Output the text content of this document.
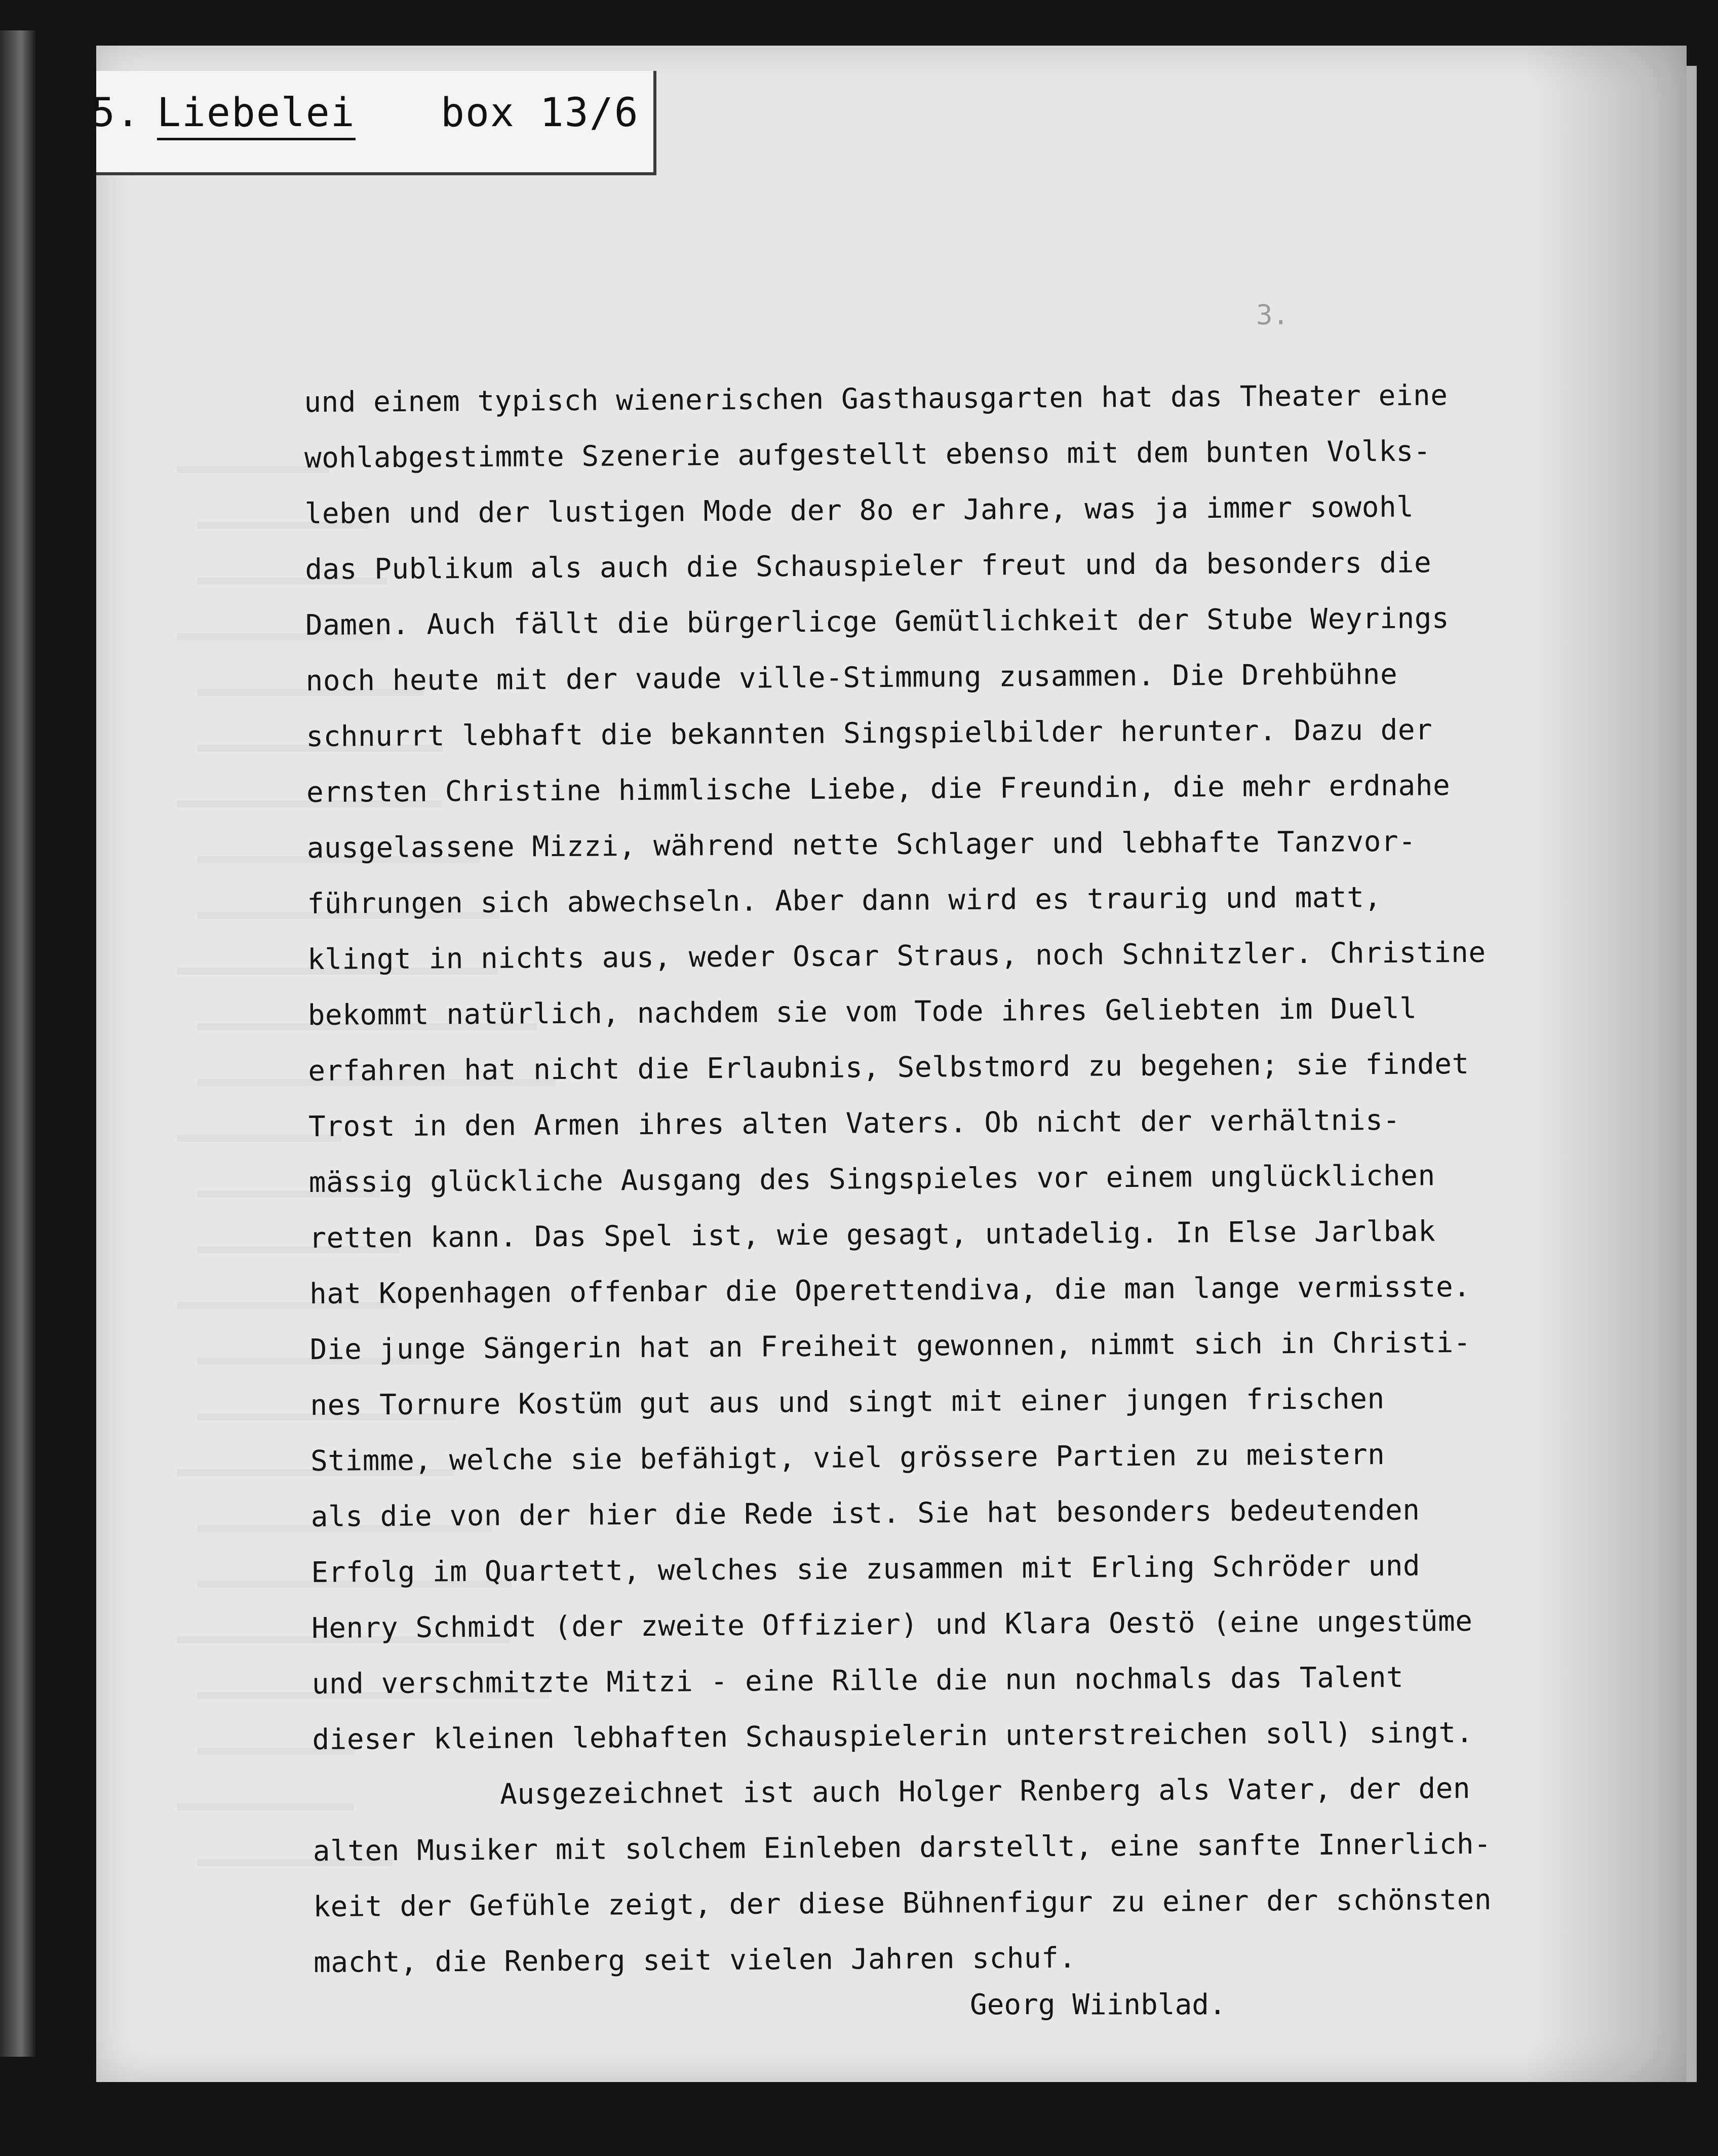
5. Liebelei box 13/6
3.
und einem typisch wienerischen Gasthausgarten hat das Theater eine
wohlabgestimmte Szenerie aufgestellt ebenso mit dem bunten Volks-
leben und der lustigen Mode der 8o er Jahre, was ja immer sowohl
das Publikum als auch die Schauspieler freut und da besonders die
Damen. Auch fällt die bürgerlicge Gemütlichkeit der Stube Weyrings
noch heute mit der vaude ville-Stimmung zusammen. Die Drehbühne
schnurrt lebhaft die bekannten Singspielbilder herunter. Dazu der
ernsten Christine himmlische Liebe, die Freundin, die mehr erdnahe
ausgelassene Mizzi, während nette Schlager und lebhafte Tanzvor-
führungen sich abwechseln. Aber dann wird es traurig und matt,
klingt in nichts aus, weder Oscar Straus, noch Schnitzler. Christine
bekommt natürlich, nachdem sie vom Tode ihres Geliebten im Duell
erfahren hat nicht die Erlaubnis, Selbstmord zu begehen; sie findet
Trost in den Armen ihres alten Vaters. Ob nicht der verhältnis-
mässig glückliche Ausgang des Singspieles vor einem unglücklichen
retten kann. Das Spel ist, wie gesagt, untadelig. In Else Jarlbak
hat Kopenhagen offenbar die Operettendiva, die man lange vermisste.
Die junge Sängerin hat an Freiheit gewonnen, nimmt sich in Christi-
nes Tornure Kostüm gut aus und singt mit einer jungen frischen
Stimme, welche sie befähigt, viel grössere Partien zu meistern
als die von der hier die Rede ist. Sie hat besonders bedeutenden
Erfolg im Quartett, welches sie zusammen mit Erling Schröder und
Henry Schmidt (der zweite Offizier) und Klara Oestö (eine ungestüme
und verschmitzte Mitzi - eine Rille die nun nochmals das Talent
dieser kleinen lebhaften Schauspielerin unterstreichen soll) singt.
Ausgezeichnet ist auch Holger Renberg als Vater, der den
alten Musiker mit solchem Einleben darstellt, eine sanfte Innerlich-
keit der Gefühle zeigt, der diese Bühnenfigur zu einer der schönsten
macht, die Renberg seit vielen Jahren schuf.
Georg Wiinblad.
